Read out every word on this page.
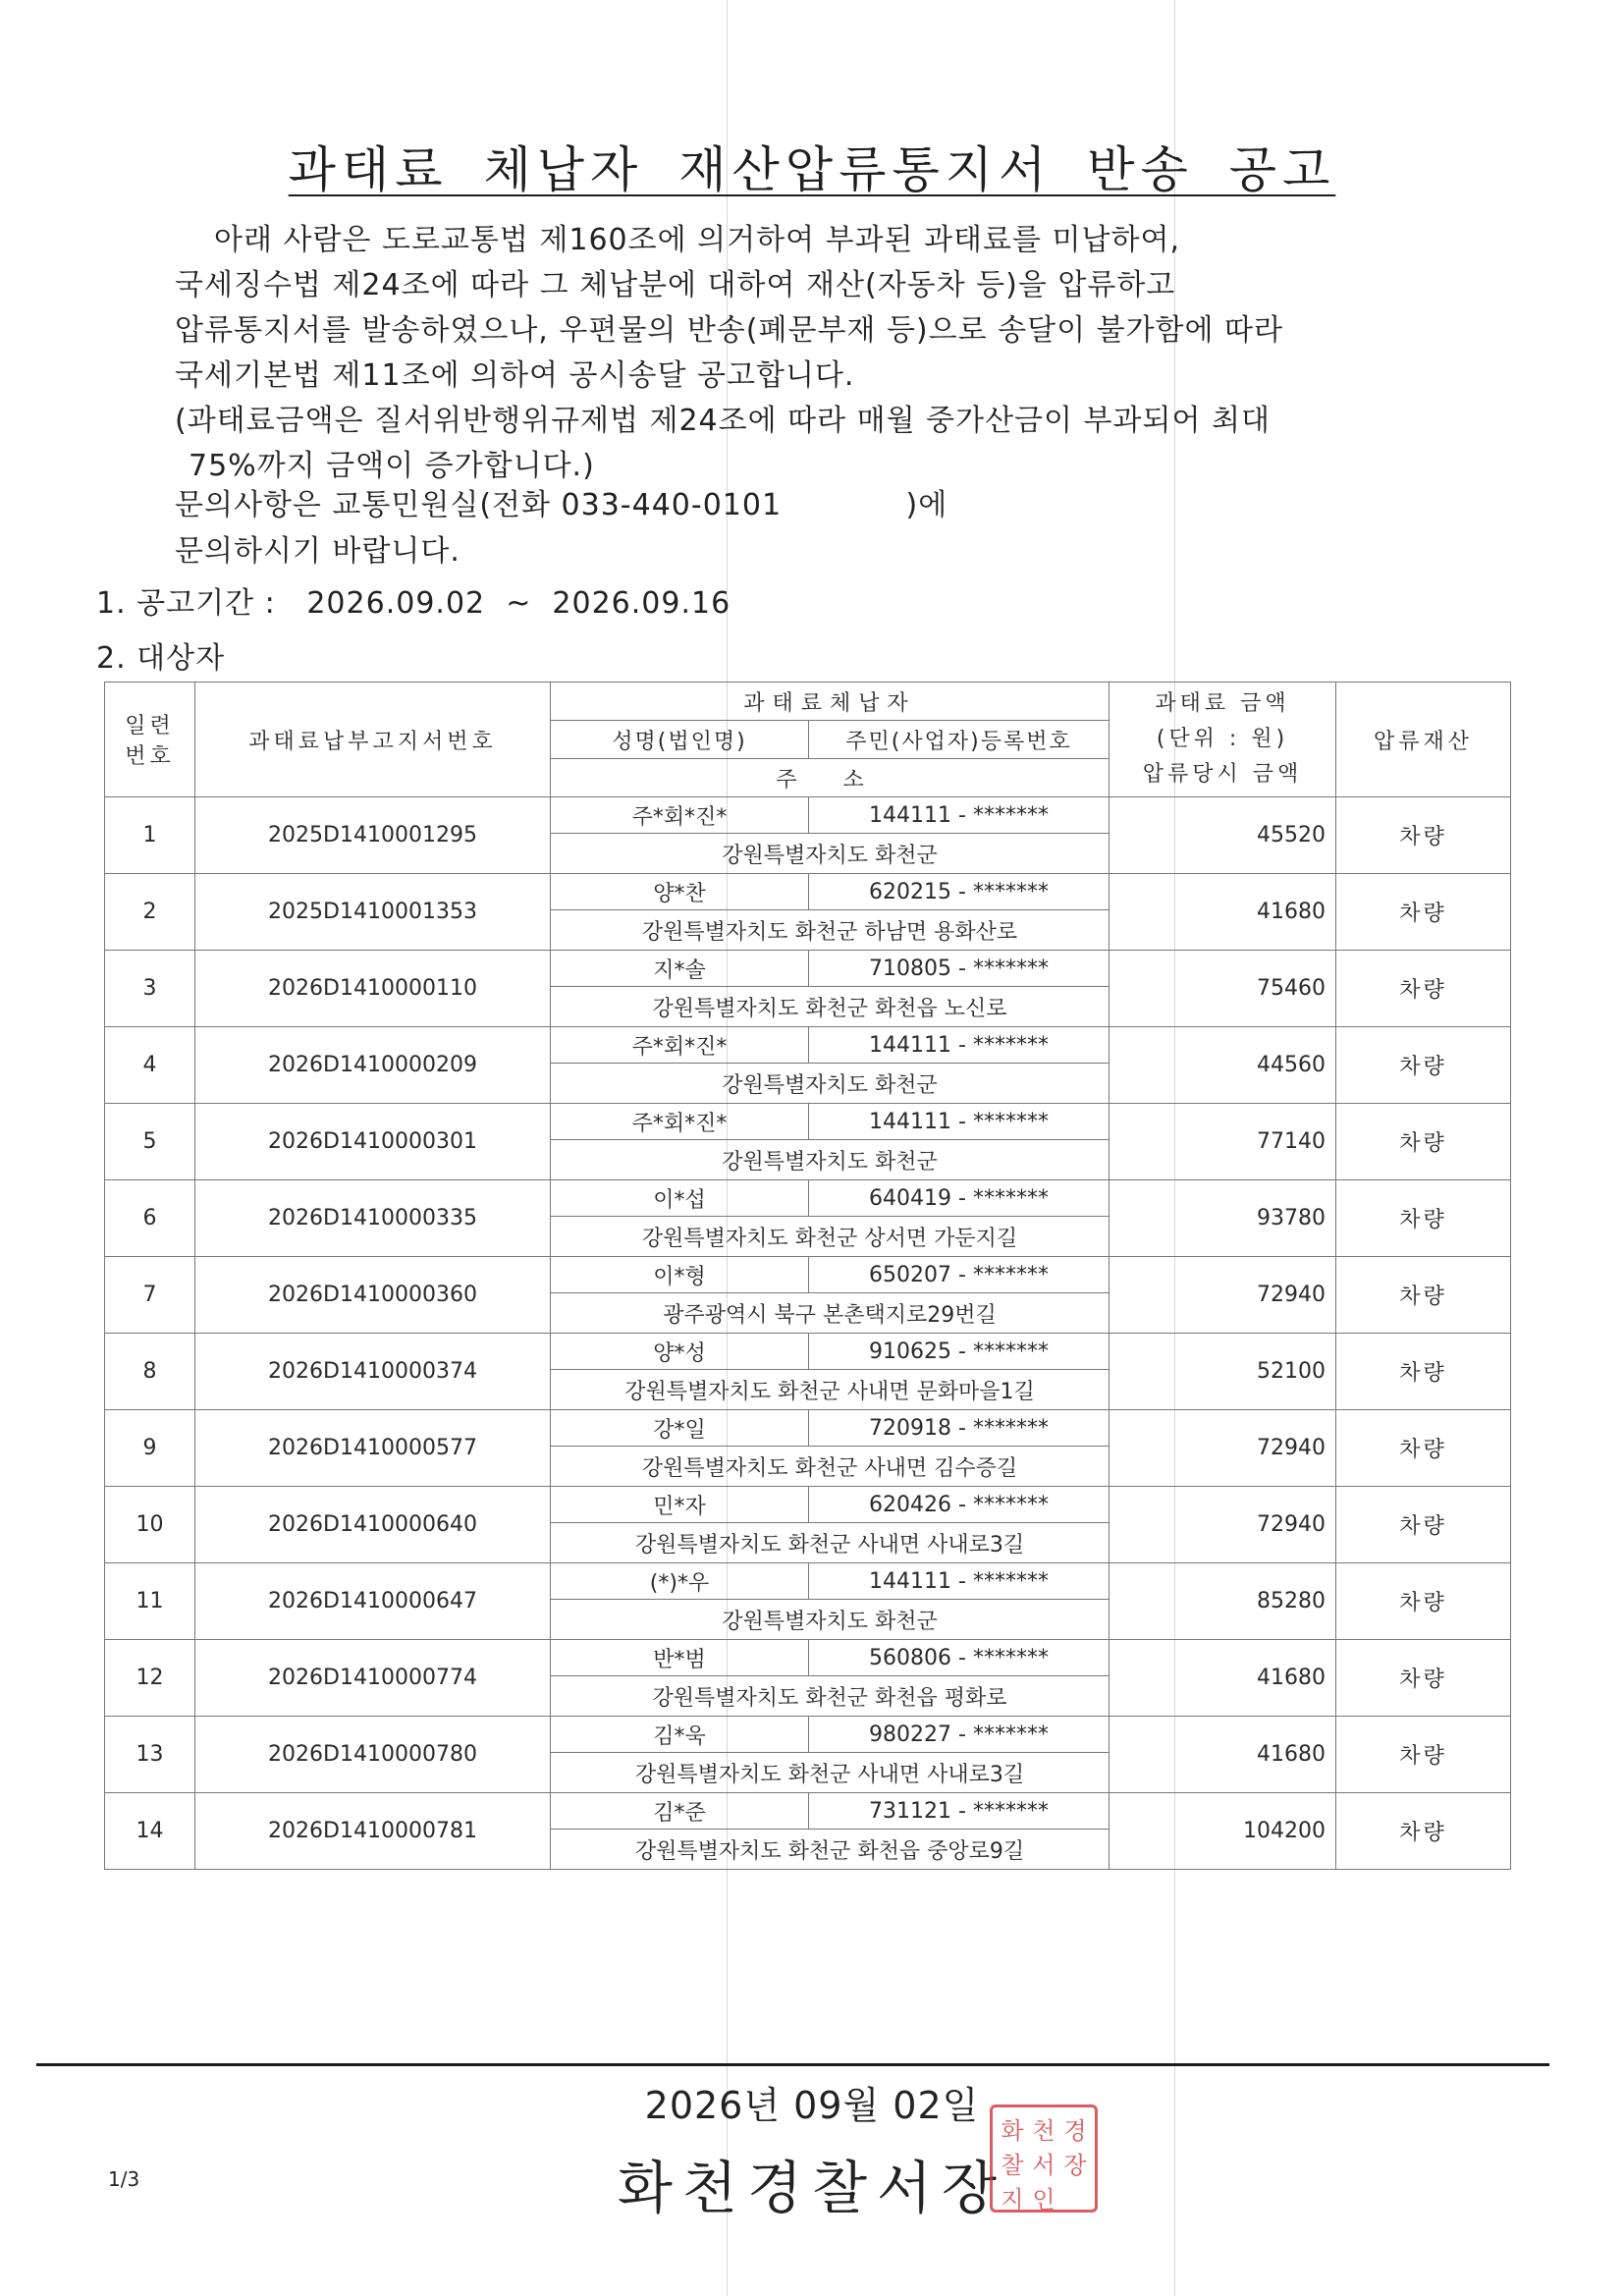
과태료 체납자 재산압류통지서 반송 공고

아래 사람은 도로교통법 제160조에 의거하여 부과된 과태료를 미납하여,

국세징수법 제24조에 따라 그 체납분에 대하여 재산(자동차 등)을 압류하고

압류통지서를 발송하였으나, 우편물의 반송(폐문부재 등)으로 송달이 불가함에 따라

국세기본법 제11조에 의하여 공시송달 공고합니다.

(과태료금액은 질서위반행위규제법 제24조에 따라 매월 중가산금이 부과되어 최대

75%까지 금액이 증가합니다.)

문의사항은 교통민원실(전화 033-440-0101            )에

문의하시기 바랍니다.

1. 공고기간 : 2026.09.02 ~ 2026.09.16
2. 대상자
일련
번호	과태료납부고지서번호	과태료체납자		과태료 금액
(단위 : 원)
압류당시 금액	압류재산
		성명(법인명)	주민(사업자)등록번호		
		주 소			
1	2025D1410001295	주*회*진*	144111 - *******	45520	차량
		강원특별자치도 화천군			
2	2025D1410001353	양*찬	620215 - *******	41680	차량
		강원특별자치도 화천군 하남면 용화산로			
3	2026D1410000110	지*솔	710805 - *******	75460	차량
		강원특별자치도 화천군 화천읍 노신로			
4	2026D1410000209	주*회*진*	144111 - *******	44560	차량
		강원특별자치도 화천군			
5	2026D1410000301	주*회*진*	144111 - *******	77140	차량
		강원특별자치도 화천군			
6	2026D1410000335	이*섭	640419 - *******	93780	차량
		강원특별자치도 화천군 상서면 가둔지길			
7	2026D1410000360	이*형	650207 - *******	72940	차량
		광주광역시 북구 본촌택지로29번길			
8	2026D1410000374	양*성	910625 - *******	52100	차량
		강원특별자치도 화천군 사내면 문화마을1길			
9	2026D1410000577	강*일	720918 - *******	72940	차량
		강원특별자치도 화천군 사내면 김수증길			
10	2026D1410000640	민*자	620426 - *******	72940	차량
		강원특별자치도 화천군 사내면 사내로3길			
11	2026D1410000647	(*)*우	144111 - *******	85280	차량
		강원특별자치도 화천군			
12	2026D1410000774	반*범	560806 - *******	41680	차량
		강원특별자치도 화천군 화천읍 평화로			
13	2026D1410000780	김*욱	980227 - *******	41680	차량
		강원특별자치도 화천군 사내면 사내로3길			
14	2026D1410000781	김*준	731121 - *******	104200	차량
		강원특별자치도 화천군 화천읍 중앙로9길			
2026년 09월 02일
1/3	화천경찰서장
화 천 경
찰 서 장
지 인
